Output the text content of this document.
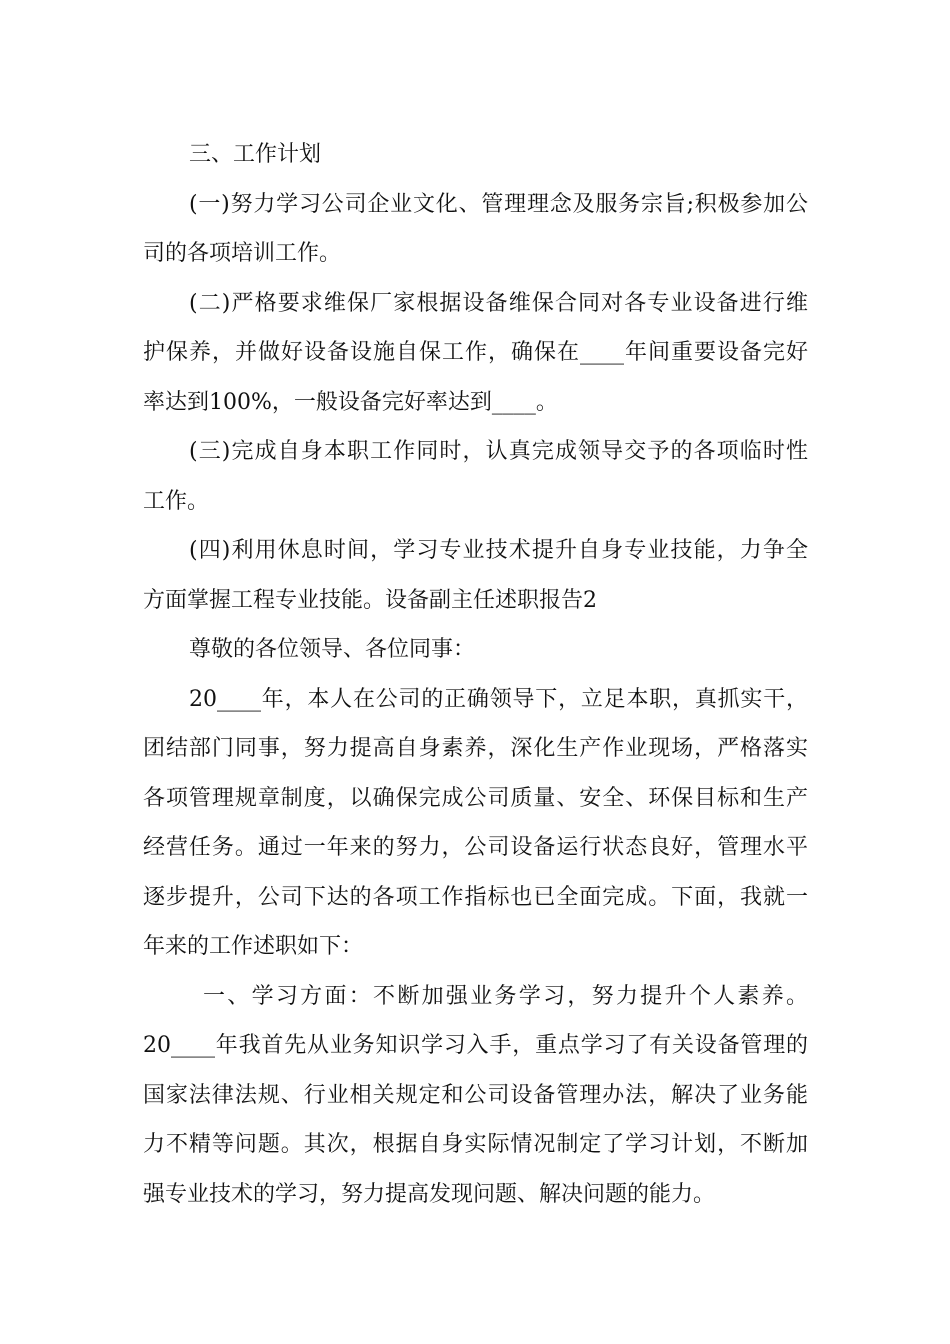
三、工作计划
(一)努力学习公司企业文化、管理理念及服务宗旨;积极参加公
司的各项培训工作。
(二)严格要求维保厂家根据设备维保合同对各专业设备进行维
护保养，并做好设备设施自保工作，确保在____年间重要设备完好
率达到100%，一般设备完好率达到____。
(三)完成自身本职工作同时，认真完成领导交予的各项临时性
工作。
(四)利用休息时间，学习专业技术提升自身专业技能，力争全
方面掌握工程专业技能。设备副主任述职报告2
尊敬的各位领导、各位同事：
20____年，本人在公司的正确领导下，立足本职，真抓实干，
团结部门同事，努力提高自身素养，深化生产作业现场，严格落实
各项管理规章制度，以确保完成公司质量、安全、环保目标和生产
经营任务。通过一年来的努力，公司设备运行状态良好，管理水平
逐步提升，公司下达的各项工作指标也已全面完成。下面，我就一
年来的工作述职如下：
一、学习方面：不断加强业务学习，努力提升个人素养。
20____年我首先从业务知识学习入手，重点学习了有关设备管理的
国家法律法规、行业相关规定和公司设备管理办法，解决了业务能
力不精等问题。其次，根据自身实际情况制定了学习计划，不断加
强专业技术的学习，努力提高发现问题、解决问题的能力。
